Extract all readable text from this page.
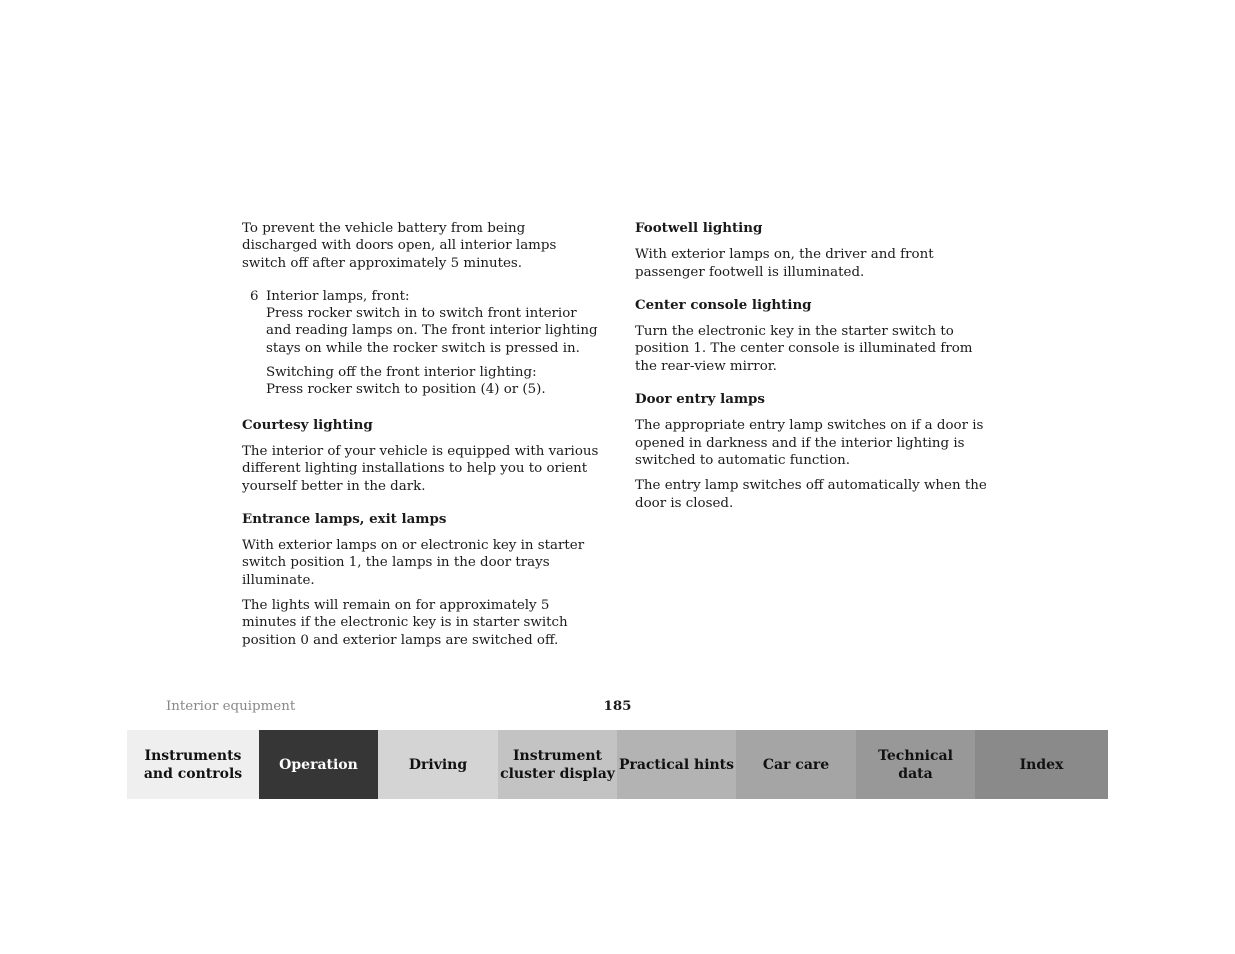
To prevent the vehicle battery from being discharged with doors open, all interior lamps switch off after approximately 5 minutes.

6 Interior lamps, front:

Press rocker switch in to switch front interior and reading lamps on. The front interior lighting stays on while the rocker switch is pressed in.

Switching off the front interior lighting:

Press rocker switch to position (4) or (5).

Courtesy lighting

The interior of your vehicle is equipped with various different lighting installations to help you to orient yourself better in the dark.

Entrance lamps, exit lamps

With exterior lamps on or electronic key in starter switch position 1, the lamps in the door trays illuminate.

The lights will remain on for approximately 5 minutes if the electronic key is in starter switch position 0 and exterior lamps are switched off.

Footwell lighting

With exterior lamps on, the driver and front passenger footwell is illuminated.

Center console lighting

Turn the electronic key in the starter switch to position 1. The center console is illuminated from the rear-view mirror.

Door entry lamps

The appropriate entry lamp switches on if a door is opened in darkness and if the interior lighting is switched to automatic function.

The entry lamp switches off automatically when the door is closed.

Interior equipment	185
Instruments
and controls
Operation	Driving
Instrument
cluster display
Practical hints	Car care
Technical
data
Index
